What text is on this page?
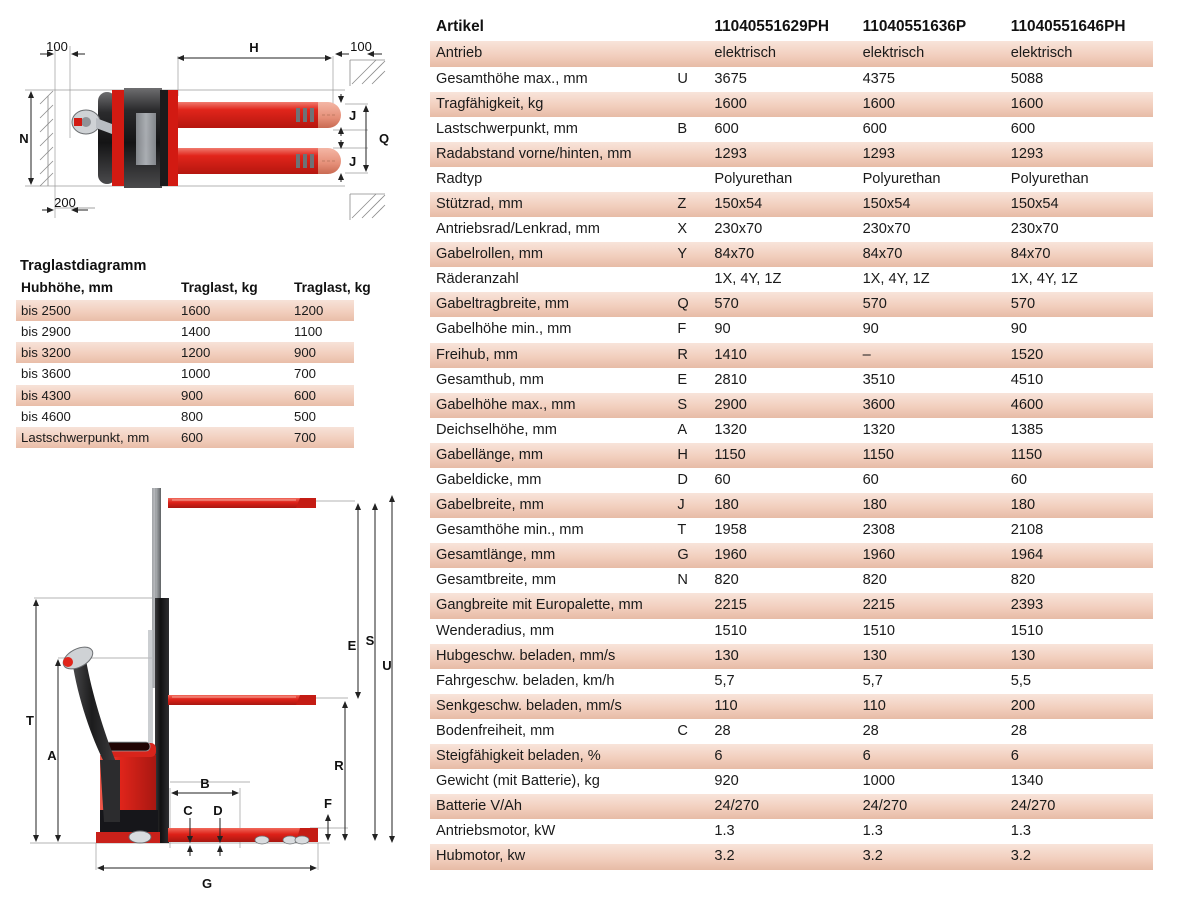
100	H	100
N
200
J
J
Q
Traglastdiagramm
Hubhöhe, mm	Traglast, kg	Traglast, kg
bis 2500	1600	1200
bis 2900	1400	1100
bis 3200	1200	900
bis 3600	1000	700
bis 4300	900	600
bis 4600	800	500
Lastschwerpunkt, mm	600	700
T
A
B
C D
G
F
R
E S
U
Artikel		11040551629PH	11040551636P	11040551646PH
Antrieb		elektrisch	elektrisch	elektrisch
Gesamthöhe max., mm	U	3675	4375	5088
Tragfähigkeit, kg		1600	1600	1600
Lastschwerpunkt, mm	B	600	600	600
Radabstand vorne/hinten, mm		1293	1293	1293
Radtyp		Polyurethan	Polyurethan	Polyurethan
Stützrad, mm	Z	150x54	150x54	150x54
Antriebsrad/Lenkrad, mm	X	230x70	230x70	230x70
Gabelrollen, mm	Y	84x70	84x70	84x70
Räderanzahl		1X, 4Y, 1Z	1X, 4Y, 1Z	1X, 4Y, 1Z
Gabeltragbreite, mm	Q	570	570	570
Gabelhöhe min., mm	F	90	90	90
Freihub, mm	R	1410	–	1520
Gesamthub, mm	E	2810	3510	4510
Gabelhöhe max., mm	S	2900	3600	4600
Deichselhöhe, mm	A	1320	1320	1385
Gabellänge, mm	H	1150	1150	1150
Gabeldicke, mm	D	60	60	60
Gabelbreite, mm	J	180	180	180
Gesamthöhe min., mm	T	1958	2308	2108
Gesamtlänge, mm	G	1960	1960	1964
Gesamtbreite, mm	N	820	820	820
Gangbreite mit Europalette, mm		2215	2215	2393
Wenderadius, mm		1510	1510	1510
Hubgeschw. beladen, mm/s		130	130	130
Fahrgeschw. beladen, km/h		5,7	5,7	5,5
Senkgeschw. beladen, mm/s		110	110	200
Bodenfreiheit, mm	C	28	28	28
Steigfähigkeit beladen, %		6	6	6
Gewicht (mit Batterie), kg		920	1000	1340
Batterie V/Ah		24/270	24/270	24/270
Antriebsmotor, kW		1.3	1.3	1.3
Hubmotor, kw		3.2	3.2	3.2
